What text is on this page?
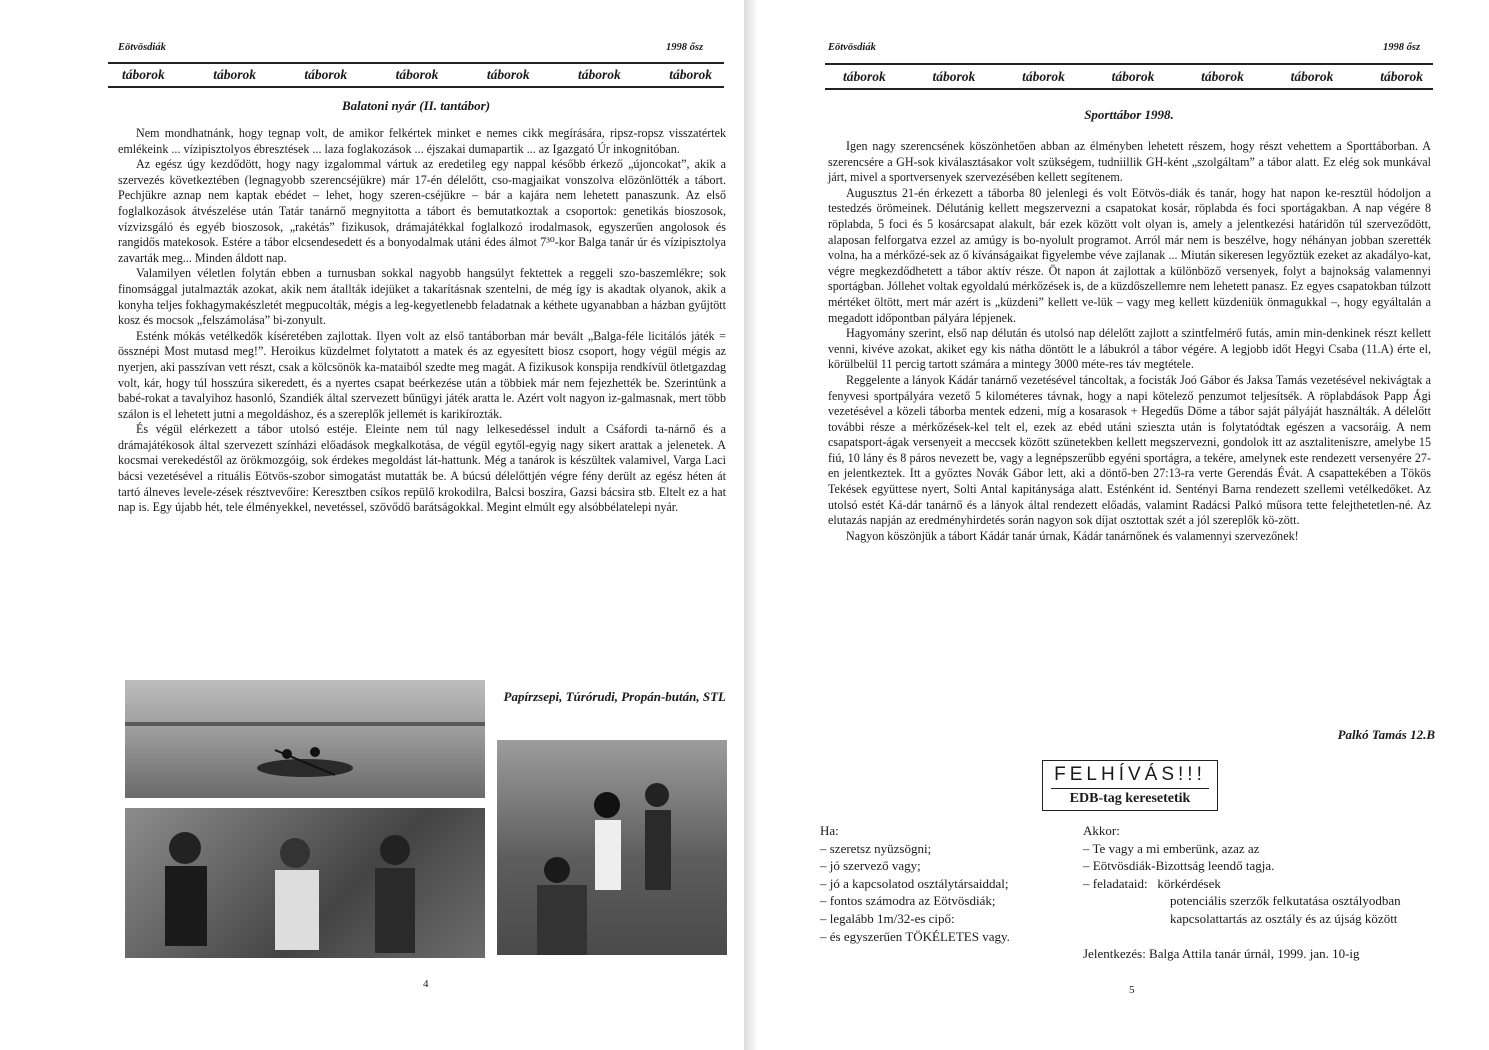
Eötvösdiák	1998 ősz
táborok	táborok	táborok	táborok	táborok	táborok	táborok
Balatoni nyár (II. tantábor)

Nem mondhatnánk, hogy tegnap volt, de amikor felkértek minket e nemes cikk megírására, ripsz-ropsz visszatértek emlékeink ... vízipisztolyos ébresztések ... laza foglakozások ... éjszakai dumapartik ... az Igazgató Úr inkognitóban.

Az egész úgy kezdődött, hogy nagy izgalommal vártuk az eredetileg egy nappal később érkező „újoncokat”, akik a szervezés következtében (legnagyobb szerencséjükre) már 17-én délelőtt, cso-magjaikat vonszolva elözönlötték a tábort. Pechjükre aznap nem kaptak ebédet – lehet, hogy szeren-cséjükre – bár a kajára nem lehetett panaszunk. Az első foglalkozások átvészelése után Tatár tanárnő megnyitotta a tábort és bemutatkoztak a csoportok: genetikás bioszosok, vízvizsgáló és egyéb bioszosok, „rakétás” fizikusok, drámajátékkal foglalkozó irodalmasok, egyszerűen angolosok és rangidős matekosok. Estére a tábor elcsendesedett és a bonyodalmak utáni édes álmot 7³⁰-kor Balga tanár úr és vízipisztolya zavarták meg... Minden áldott nap.

Valamilyen véletlen folytán ebben a turnusban sokkal nagyobb hangsúlyt fektettek a reggeli szo-baszemlékre; sok finomsággal jutalmazták azokat, akik nem átallták idejüket a takarításnak szentelni, de még így is akadtak olyanok, akik a konyha teljes fokhagymakészletét megpucolták, mégis a leg-kegyetlenebb feladatnak a kéthete ugyanabban a házban gyűjtött kosz és mocsok „felszámolása” bi-zonyult.

Esténk mókás vetélkedők kíséretében zajlottak. Ilyen volt az első tantáborban már bevált „Balga-féle licitálós játék = össznépi Most mutasd meg!”. Heroikus küzdelmet folytatott a matek és az egyesített biosz csoport, hogy végül mégis az nyerjen, aki passzívan vett részt, csak a kölcsönök ka-mataiból szedte meg magát. A fizikusok konspija rendkívül ötletgazdag volt, kár, hogy túl hosszúra sikeredett, és a nyertes csapat beérkezése után a többiek már nem fejezhették be. Szerintünk a babé-rokat a tavalyihoz hasonló, Szandiék által szervezett bűnügyi játék aratta le. Azért volt nagyon iz-galmasnak, mert több szálon is el lehetett jutni a megoldáshoz, és a szereplők jellemét is karikírozták.

És végül elérkezett a tábor utolsó estéje. Eleinte nem túl nagy lelkesedéssel indult a Csáfordi ta-nárnő és a drámajátékosok által szervezett színházi előadások megkalkotása, de végül egytől-egyig nagy sikert arattak a jelenetek. A kocsmai verekedéstől az örökmozgóig, sok érdekes megoldást lát-hattunk. Még a tanárok is készültek valamivel, Varga Laci bácsi vezetésével a rituális Eötvös-szobor simogatást mutatták be. A búcsú délelőttjén végre fény derült az egész héten át tartó álneves levele-zések résztvevőire: Keresztben csíkos repülő krokodilra, Balcsi boszira, Gazsi bácsira stb. Eltelt ez a hat nap is. Egy újabb hét, tele élményekkel, nevetéssel, szövődő barátságokkal. Megint elmúlt egy alsóbbélatelepi nyár.

Papírzsepi, Túrórudi, Propán-bután, STL
4
Eötvösdiák	1998 ősz
táborok	táborok	táborok	táborok	táborok	táborok	táborok
Sporttábor 1998.

Igen nagy szerencsének köszönhetően abban az élményben lehetett részem, hogy részt vehettem a Sporttáborban. A szerencsére a GH-sok kiválasztásakor volt szükségem, tudniillik GH-ként „szolgáltam” a tábor alatt. Ez elég sok munkával járt, mivel a sportversenyek szervezésében kellett segítenem.

Augusztus 21-én érkezett a táborba 80 jelenlegi és volt Eötvös-diák és tanár, hogy hat napon ke-resztül hódoljon a testedzés örömeinek. Délutánig kellett megszervezni a csapatokat kosár, röplabda és foci sportágakban. A nap végére 8 röplabda, 5 foci és 5 kosárcsapat alakult, bár ezek között volt olyan is, amely a jelentkezési határidőn túl szerveződött, alaposan felforgatva ezzel az amúgy is bo-nyolult programot. Arról már nem is beszélve, hogy néhányan jobban szerették volna, ha a mérkőzé-sek az ő kívánságaikat figyelembe véve zajlanak ... Miután sikeresen legyőztük ezeket az akadályo-kat, végre megkezdődhetett a tábor aktív része. Öt napon át zajlottak a különböző versenyek, folyt a bajnokság valamennyi sportágban. Jóllehet voltak egyoldalú mérkőzések is, de a küzdőszellemre nem lehetett panasz. Ez egyes csapatokban túlzott mértéket öltött, mert már azért is „küzdeni” kellett ve-lük – vagy meg kellett küzdeniük önmagukkal –, hogy egyáltalán a megadott időpontban pályára lépjenek.

Hagyomány szerint, első nap délután és utolsó nap délelőtt zajlott a szintfelmérő futás, amin min-denkinek részt kellett venni, kivéve azokat, akiket egy kis nátha döntött le a lábukról a tábor végére. A legjobb időt Hegyi Csaba (11.A) érte el, körülbelül 11 percig tartott számára a mintegy 3000 méte-res táv megtétele.

Reggelente a lányok Kádár tanárnő vezetésével táncoltak, a focisták Joó Gábor és Jaksa Tamás vezetésével nekivágtak a fenyvesi sportpályára vezető 5 kilométeres távnak, hogy a napi kötelező penzumot teljesítsék. A röplabdások Papp Ági vezetésével a közeli táborba mentek edzeni, míg a kosarasok + Hegedűs Döme a tábor saját pályáját használták. A délelőtt további része a mérkőzések-kel telt el, ezek az ebéd utáni sziesztа után is folytatódtak egészen a vacsoráig. A nem csapatsport-ágak versenyeit a meccsek között szünetekben kellett megszervezni, gondolok itt az asztaliteniszre, amelybe 15 fiú, 10 lány és 8 páros nevezett be, vagy a legnépszerűbb egyéni sportágra, a tekére, amelynek este rendezett versenyére 27-en jelentkeztek. Itt a győztes Novák Gábor lett, aki a döntő-ben 27:13-ra verte Gerendás Évát. A csapattekében a Tökös Tekések együttese nyert, Solti Antal kapitánysága alatt. Esténként id. Sentényi Barna rendezett szellemi vetélkedőket. Az utolsó estét Ká-dár tanárnő és a lányok által rendezett előadás, valamint Radácsi Palkó műsora tette felejthetetlen-né. Az elutazás napján az eredményhirdetés során nagyon sok díjat osztottak szét a jól szereplők kö-zött.

Nagyon köszönjük a tábort Kádár tanár úrnak, Kádár tanárnőnek és valamennyi szervezőnek!

Palkó Tamás 12.B
FELHÍVÁS!!!
EDB-tag keresetetik
Ha:
– szeretsz nyüzsögni;
– jó szervező vagy;
– jó a kapcsolatod osztálytársaiddal;
– fontos számodra az Eötvösdiák;
– legalább 1m/32-es cipő:
– és egyszerűen TÖKÉLETES vagy.
Akkor:
– Te vagy a mi emberünk, azaz az
– Eötvösdiák-Bizottság leendő tagja.
– feladataid:   körkérdések
potenciális szerzők felkutatása osztályodban
kapcsolattartás az osztály és az újság között
Jelentkezés: Balga Attila tanár úrnál, 1999. jan. 10-ig
5
